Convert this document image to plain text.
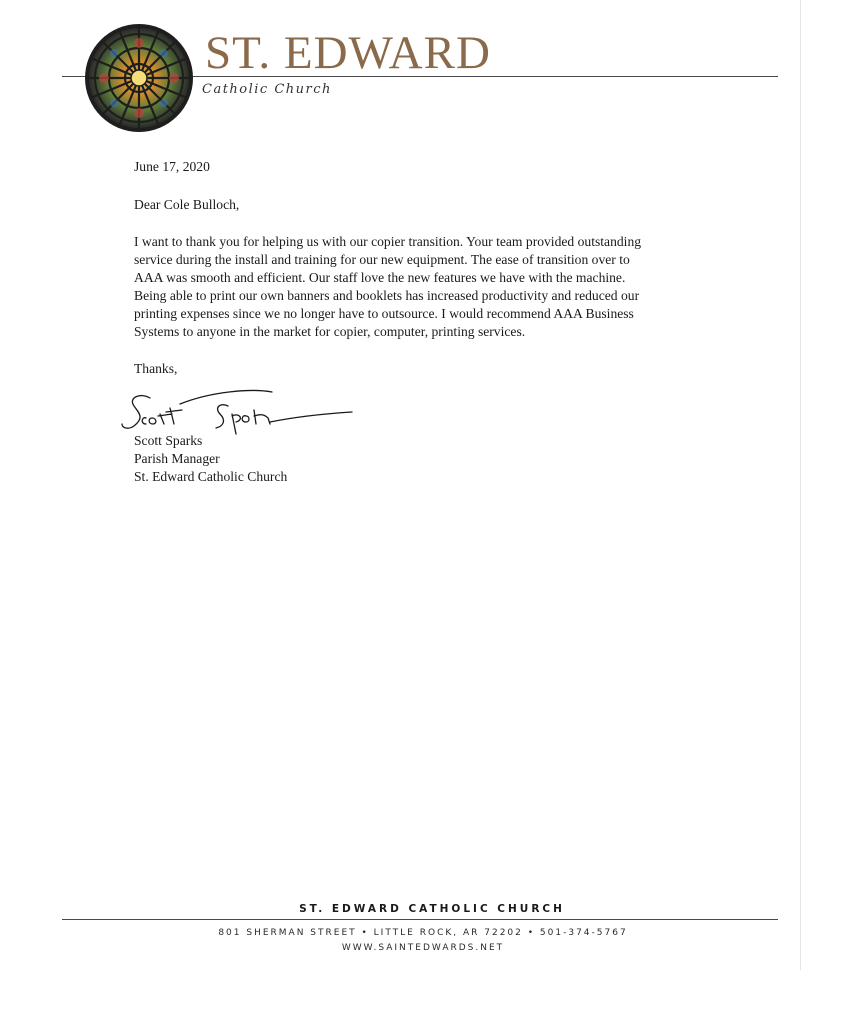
ST. EDWARD
Catholic Church
June 17, 2020
Dear Cole Bulloch,
I want to thank you for helping us with our copier transition. Your team provided outstanding
service during the install and training for our new equipment. The ease of transition over to
AAA was smooth and efficient. Our staff love the new features we have with the machine.
Being able to print our own banners and booklets has increased productivity and reduced our
printing expenses since we no longer have to outsource. I would recommend AAA Business
Systems to anyone in the market for copier, computer, printing services.
Thanks,
Scott Sparks
Parish Manager
St. Edward Catholic Church
ST. EDWARD CATHOLIC CHURCH
801 SHERMAN STREET • LITTLE ROCK, AR 72202 • 501-374-5767
WWW.SAINTEDWARDS.NET
